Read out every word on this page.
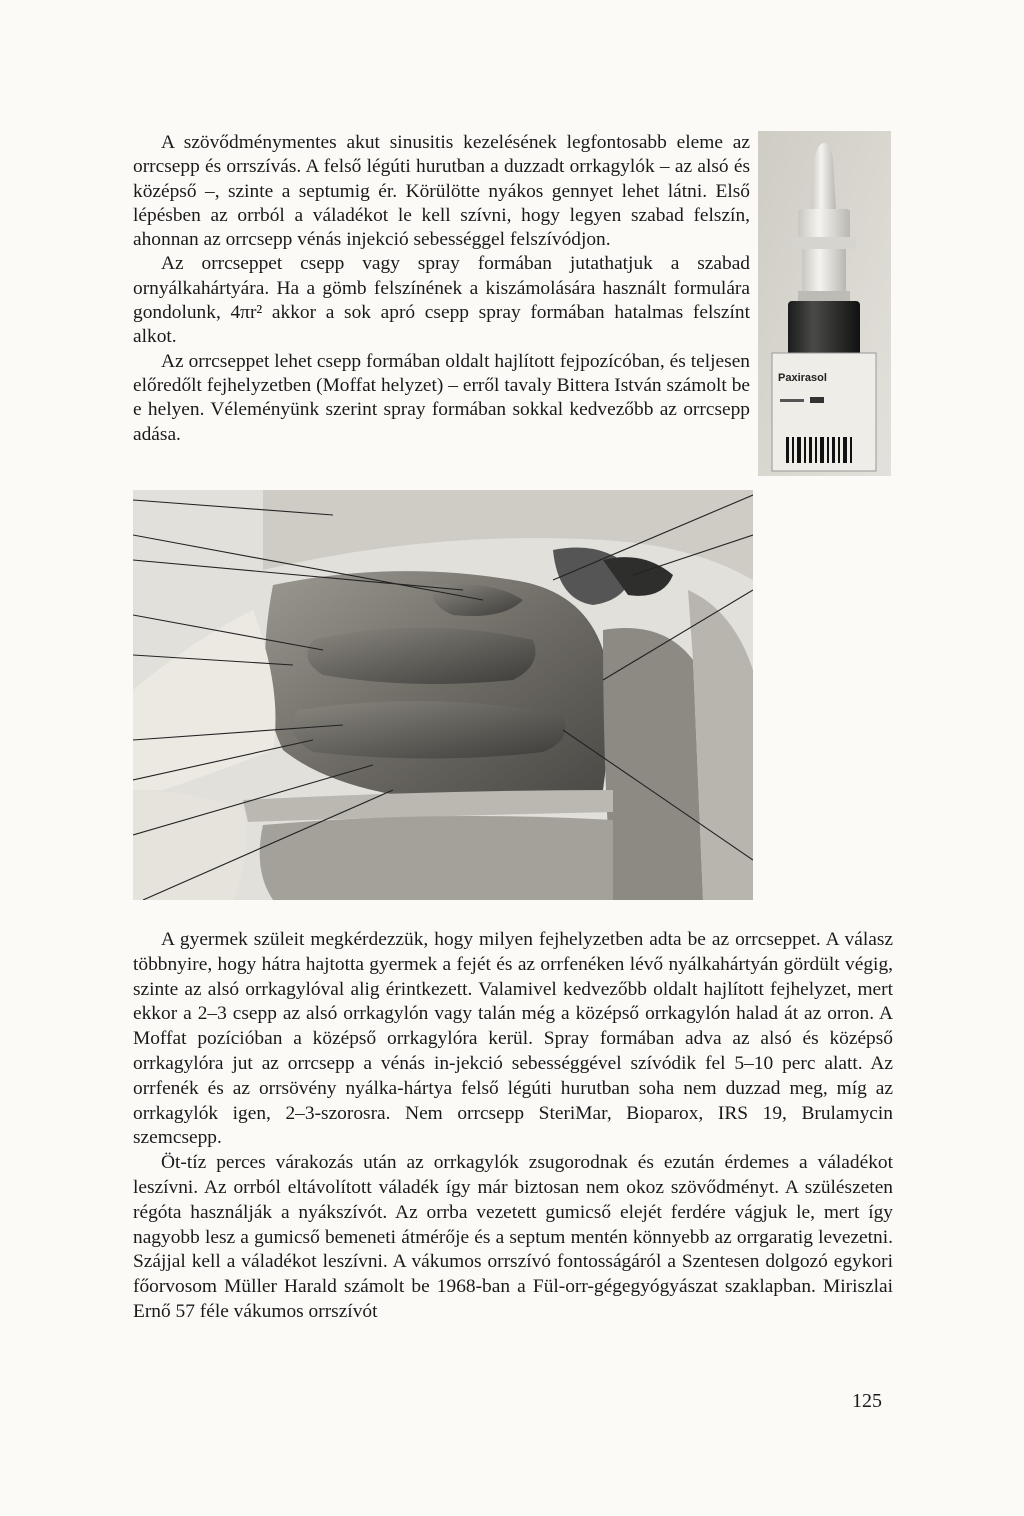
A szövődménymentes akut sinusitis kezelésének legfontosabb eleme az orrcsepp és orrszívás. A felső légúti hurutban a duzzadt orrkagylók – az alsó és középső –, szinte a septumig ér. Körülötte nyákos gennyet lehet látni. Első lépésben az orrból a váladékot le kell szívni, hogy legyen szabad felszín, ahonnan az orrcsepp vénás injekció sebességgel felszívódjon.

Az orrcseppet csepp vagy spray formában jutathatjuk a szabad ornyálkahártyára. Ha a gömb felszínének a kiszámolására használt formulára gondolunk, 4πr² akkor a sok apró csepp spray formában hatalmas felszínt alkot.

Az orrcseppet lehet csepp formában oldalt hajlított fejpozícóban, és teljesen előredőlt fejhelyzetben (Moffat helyzet) – erről tavaly Bittera István számolt be e helyen. Véleményünk szerint spray formában sokkal kedvezőbb az orrcsepp adása.

Paxirasol

A gyermek szüleit megkérdezzük, hogy milyen fejhelyzetben adta be az orrcseppet. A válasz többnyire, hogy hátra hajtotta gyermek a fejét és az orrfenéken lévő nyálkahártyán gördült végig, szinte az alsó orrkagylóval alig érintkezett. Valamivel kedvezőbb oldalt hajlított fejhelyzet, mert ekkor a 2–3 csepp az alsó orrkagylón vagy talán még a középső orrkagylón halad át az orron. A Moffat pozícióban a középső orrkagylóra kerül. Spray formában adva az alsó és középső orrkagylóra jut az orrcsepp a vénás in-jekció sebességgével szívódik fel 5–10 perc alatt. Az orrfenék és az orrsövény nyálka-hártya felső légúti hurutban soha nem duzzad meg, míg az orrkagylók igen, 2–3-szorosra. Nem orrcsepp SteriMar, Bioparox, IRS 19, Brulamycin szemcsepp.

Öt-tíz perces várakozás után az orrkagylók zsugorodnak és ezután érdemes a váladékot leszívni. Az orrból eltávolított váladék így már biztosan nem okoz szövődményt. A szülészeten régóta használják a nyákszívót. Az orrba vezetett gumicső elejét ferdére vágjuk le, mert így nagyobb lesz a gumicső bemeneti átmérője és a septum mentén könnyebb az orrgaratig levezetni. Szájjal kell a váladékot leszívni. A vákumos orrszívó fontosságáról a Szentesen dolgozó egykori főorvosom Müller Harald számolt be 1968-ban a Fül-orr-gégegyógyászat szaklapban. Miriszlai Ernő 57 féle vákumos orrszívót

125
